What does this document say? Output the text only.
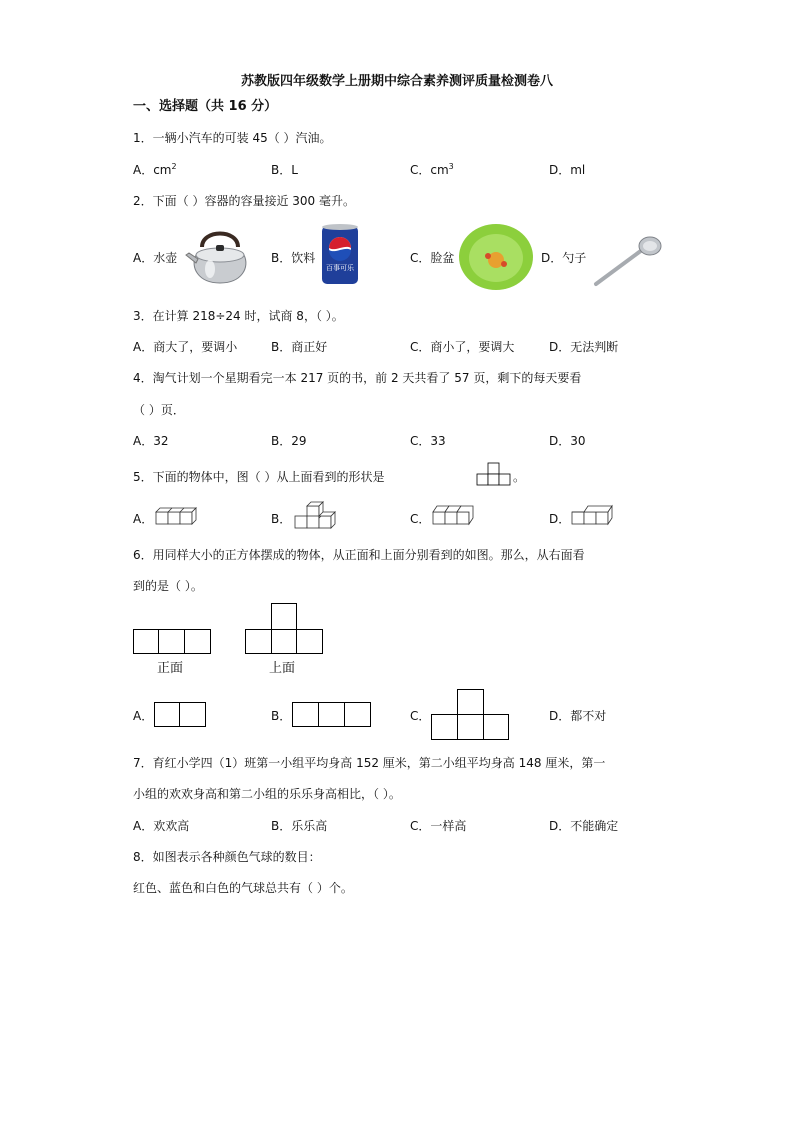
苏教版四年级数学上册期中综合素养测评质量检测卷八
一、选择题（共 16 分）
1．一辆小汽车的可装 45（ ）汽油。
A．$cm^2$	B．L	C．$cm^3$	D．ml
2．下面（ ）容器的容量接近 300 毫升。
A．水壶	B．饮料
百事可乐
C．脸盆	D．勺子
3．在计算 218÷24 时，试商 8，（ ）。
A．商大了，要调小	B．商正好	C．商小了，要调大	D．无法判断
4．淘气计划一个星期看完一本 217 页的书，前 2 天共看了 57 页，剩下的每天要看
（ ）页．
A．32	B．29	C．33	D．30
5．下面的物体中，图（ ）从上面看到的形状是	。
A．	B．	C．	D．
6．用同样大小的正方体摆成的物体，从正面和上面分别看到的如图。那么，从右面看
到的是（ ）。
正面	上面
A．	B．	C．	D．都不对
7．育红小学四（1）班第一小组平均身高 152 厘米，第二小组平均身高 148 厘米，第一
小组的欢欢身高和第二小组的乐乐身高相比，（ ）。
A．欢欢高	B．乐乐高	C．一样高	D．不能确定
8．如图表示各种颜色气球的数目：
红色、蓝色和白色的气球总共有（ ）个。
